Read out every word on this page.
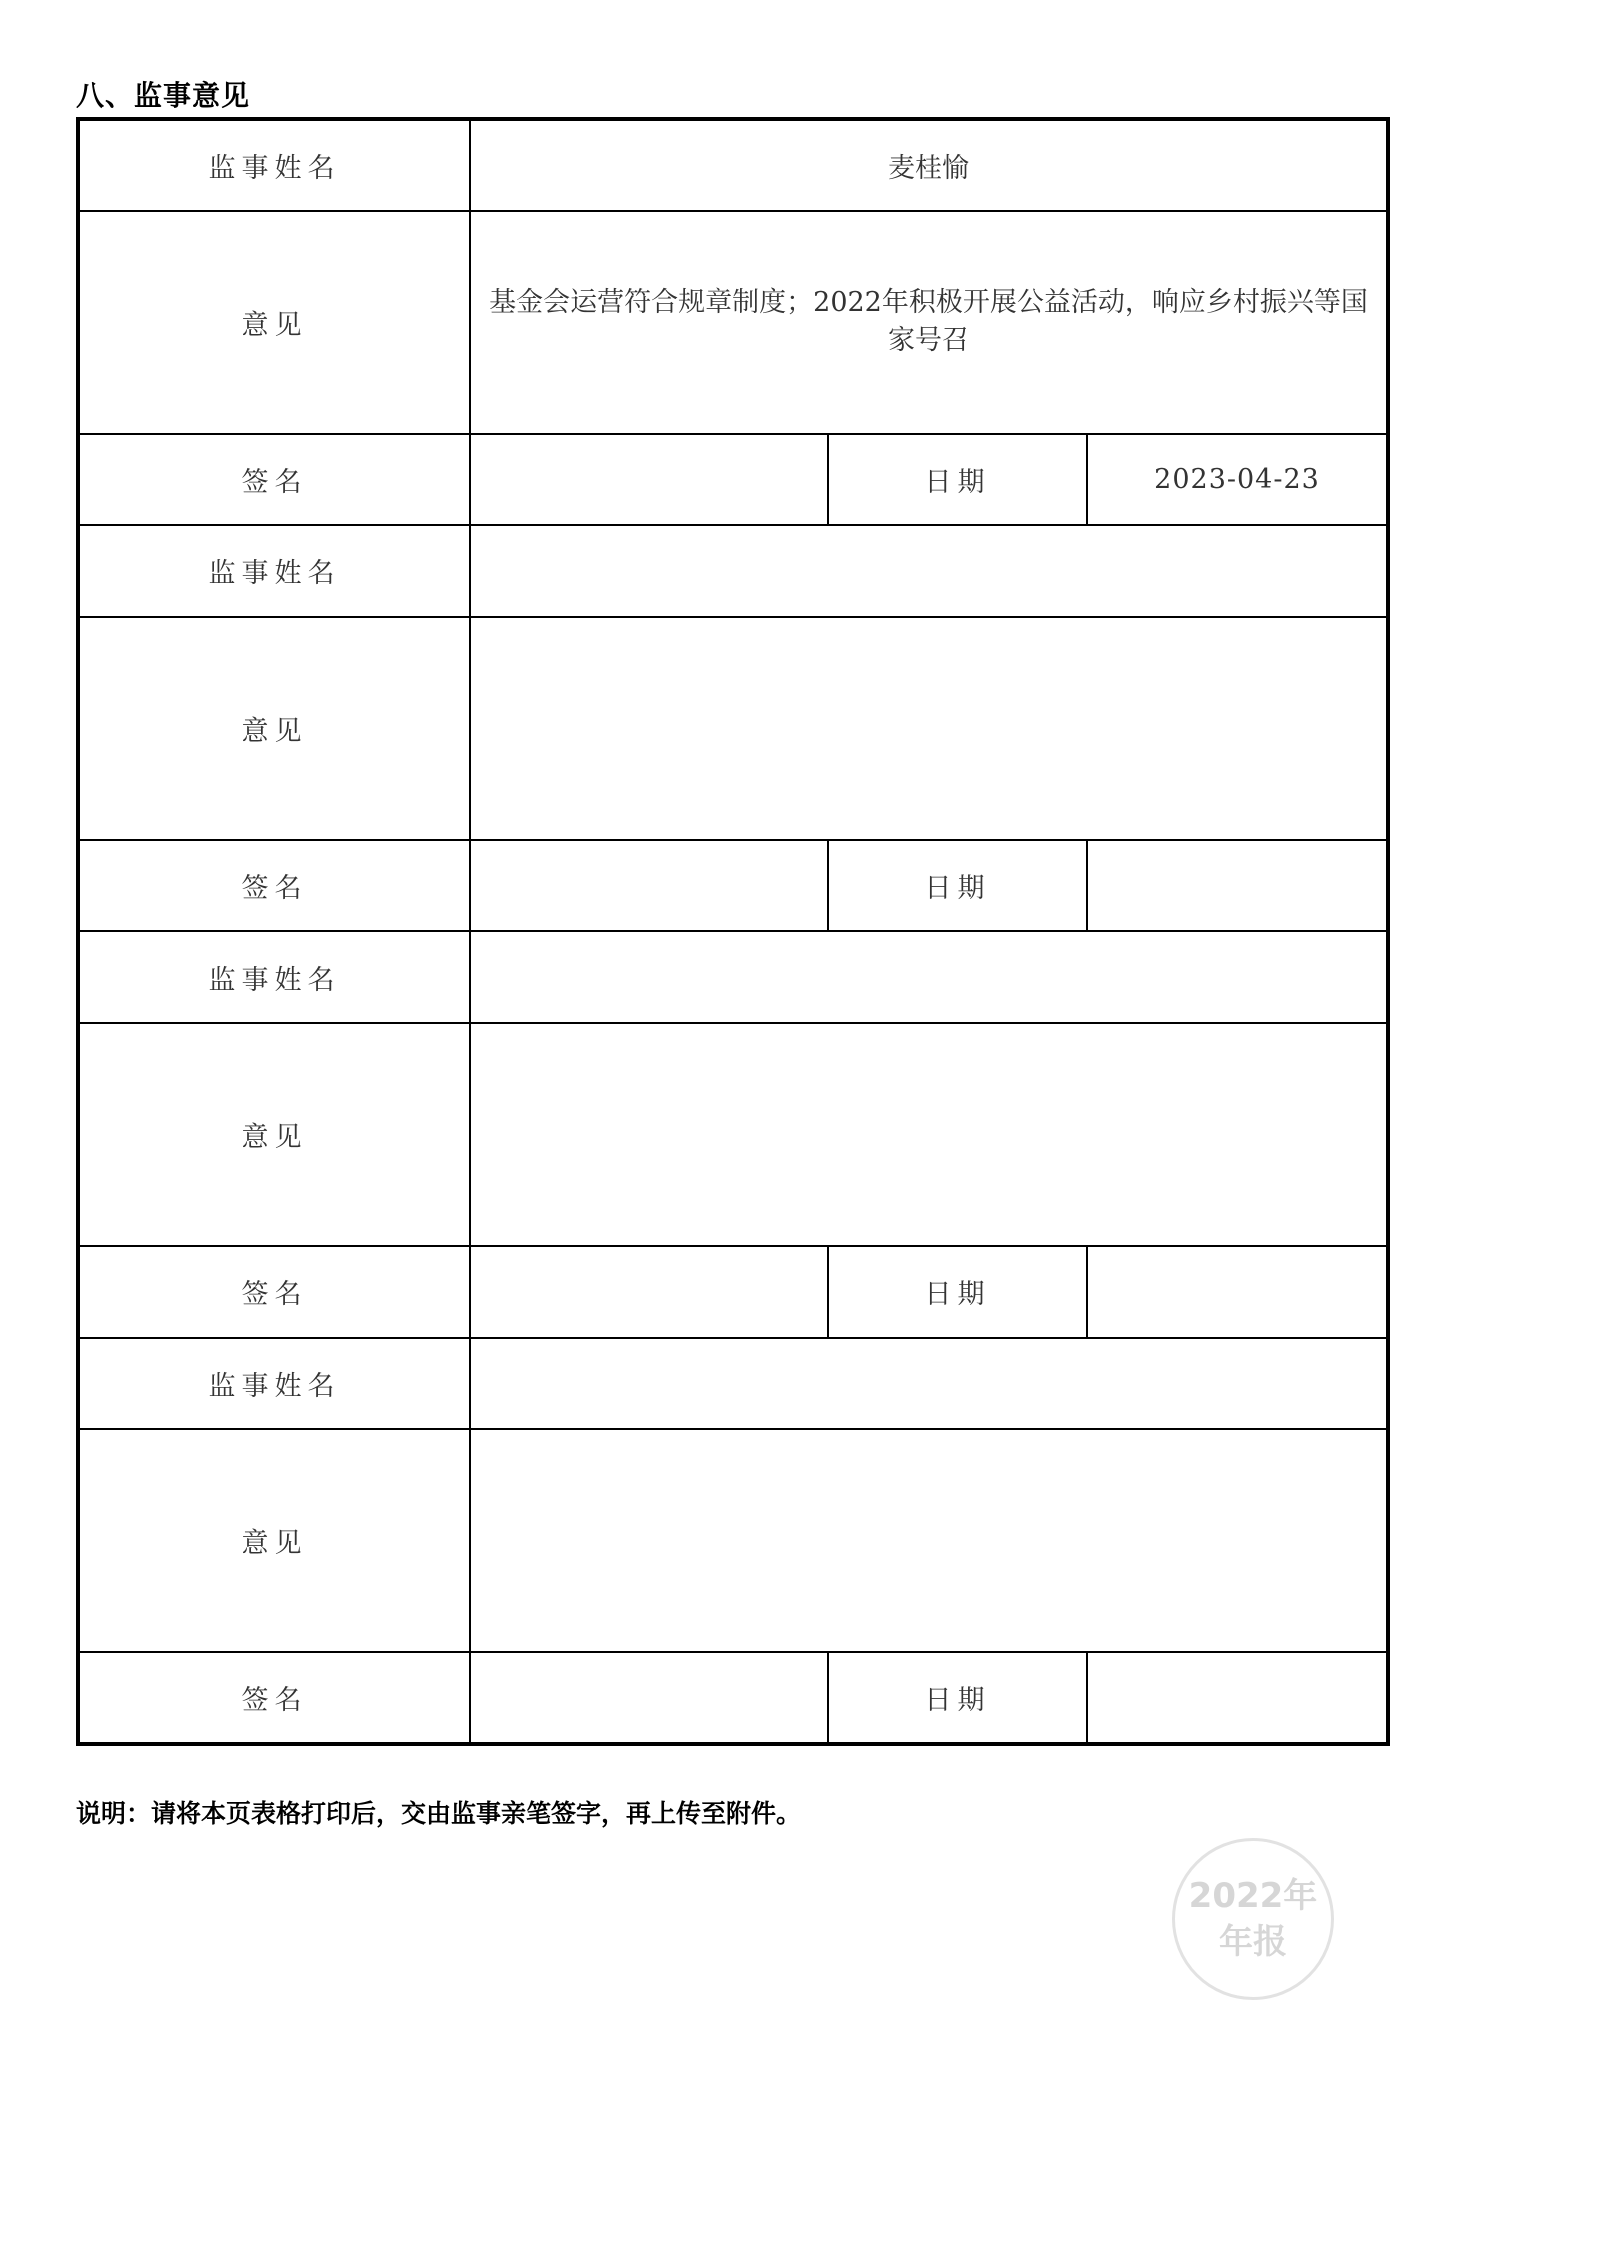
八、监事意见
监事姓名	麦桂愉		
意见	基金会运营符合规章制度；2022年积极开展公益活动，响应乡村振兴等国家号召		
签名		日期	2023-04-23
监事姓名			
意见			
签名		日期	
监事姓名			
意见			
签名		日期	
监事姓名			
意见			
签名		日期	
说明：请将本页表格打印后，交由监事亲笔签字，再上传至附件。
2022年
年报
